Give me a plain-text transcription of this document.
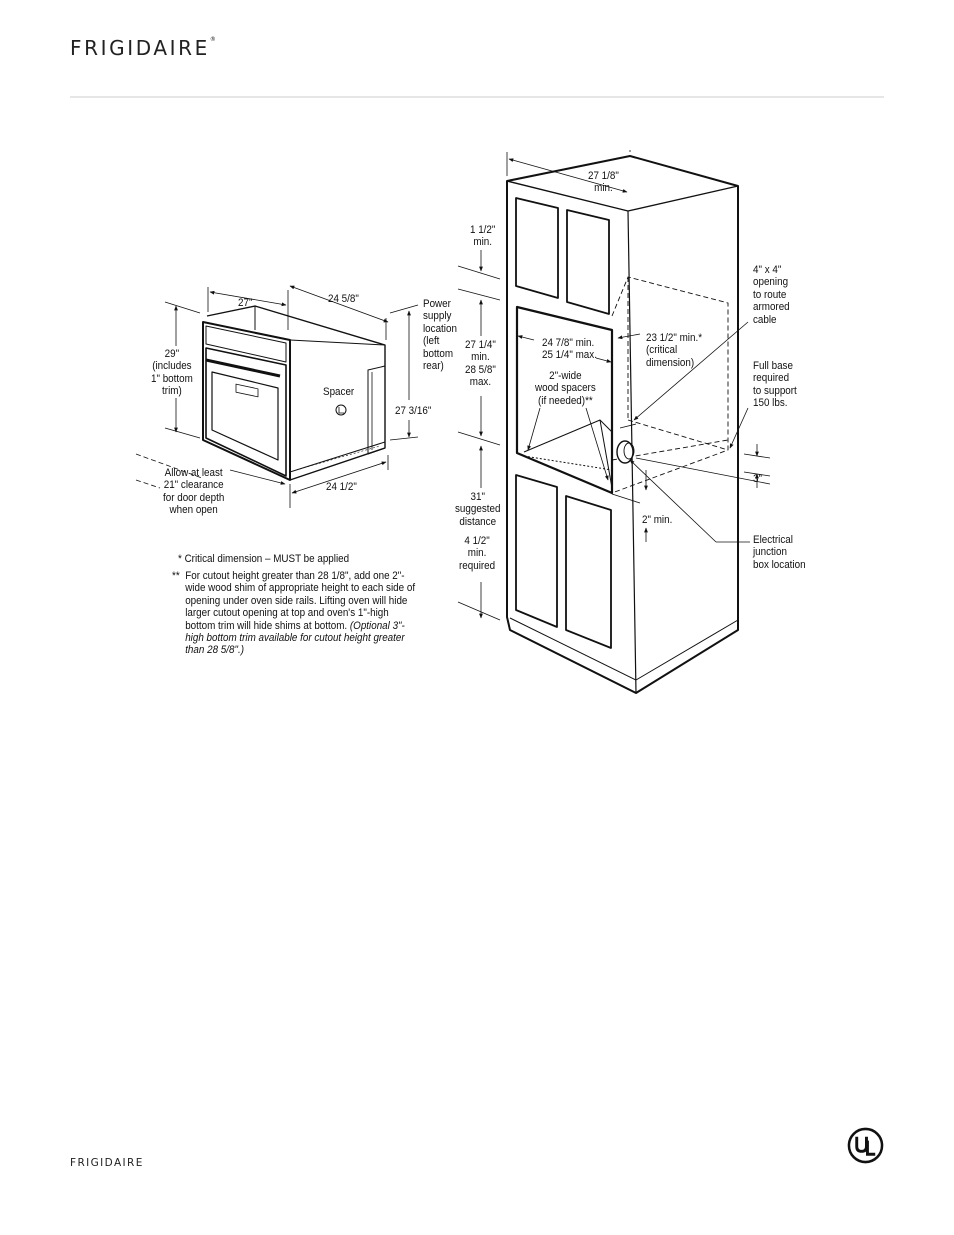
FRIGIDAIRE®
27"	24 5/8"
29"
(includes
1" bottom
trim)
Power
supply
location
(left
bottom
rear)
Spacer
27 3/16"
24 1/2"
Allow at least
21" clearance
for door depth
when open
27 1/8"
min.
1 1/2"
min.
27 1/4"
min.
28 5/8"
max.
24 7/8" min.
25 1/4" max.
2"-wide
wood spacers
(if needed)**
23 1/2" min.*
(critical
dimension)
4" x 4"
opening
to route
armored
cable
Full base
required
to support
150 lbs.
3"
2" min.
31"
suggested
distance
4 1/2"
min.
required
Electrical
junction
box location
* Critical dimension – MUST be applied
** For cutout height greater than 28 1/8", add one 2"-wide wood shim of appropriate height to each side of opening under oven side rails. Lifting oven will hide larger cutout opening at top and oven's 1"-high bottom trim will hide shims at bottom. (Optional 3"-high bottom trim available for cutout height greater than 28 5/8".)
FRIGIDAIRE
